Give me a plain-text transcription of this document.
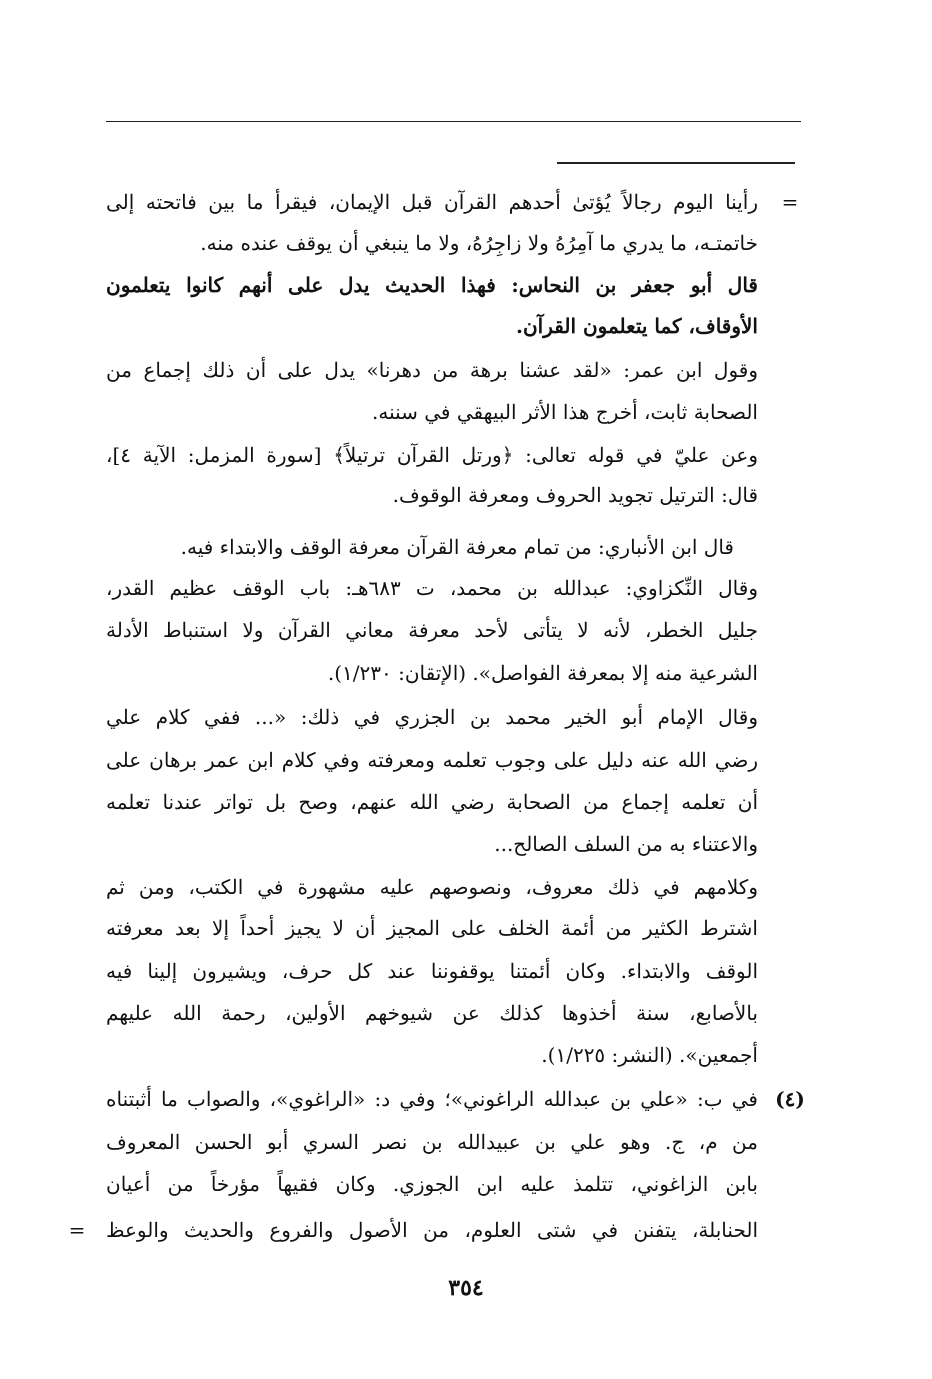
=
رأينا اليوم رجالاً يُؤتىٰ أحدهم القرآن قبل الإيمان، فيقرأ ما بين فاتحته إلى
خاتمتـه، ما يدري ما آمِرُهُ ولا زاجِرُهُ، ولا ما ينبغي أن يوقف عنده منه.
قال أبو جعفر بن النحاس: فهذا الحديث يدل على أنهم كانوا يتعلمون
الأوقاف، كما يتعلمون القرآن.
وقول ابن عمر: «لقد عشنا برهة من دهرنا» يدل على أن ذلك إجماع من
الصحابة ثابت، أخرج هذا الأثر البيهقي في سننه.
وعن عليّ في قوله تعالى: ﴿ورتل القرآن ترتيلاً﴾ [سورة المزمل: الآية ٤]،
قال: الترتيل تجويد الحروف ومعرفة الوقوف.
قال ابن الأنباري: من تمام معرفة القرآن معرفة الوقف والابتداء فيه.
وقال النِّكزاوي: عبدالله بن محمد، ت ٦٨٣هـ: باب الوقف عظيم القدر،
جليل الخطر، لأنه لا يتأتى لأحد معرفة معاني القرآن ولا استنباط الأدلة
الشرعية منه إلا بمعرفة الفواصل». (الإتقان: ١/٢٣٠).
وقال الإمام أبو الخير محمد بن الجزري في ذلك: «... ففي كلام علي
رضي الله عنه دليل على وجوب تعلمه ومعرفته وفي كلام ابن عمر برهان على
أن تعلمه إجماع من الصحابة رضي الله عنهم، وصح بل تواتر عندنا تعلمه
والاعتناء به من السلف الصالح...
وكلامهم في ذلك معروف، ونصوصهم عليه مشهورة في الكتب، ومن ثم
اشترط الكثير من أئمة الخلف على المجيز أن لا يجيز أحداً إلا بعد معرفته
الوقف والابتداء. وكان أئمتنا يوقفوننا عند كل حرف، ويشيرون إلينا فيه
بالأصابع، سنة أخذوها كذلك عن شيوخهم الأولين، رحمة الله عليهم
أجمعين». (النشر: ١/٢٢٥).
(٤)
في ب: «علي بن عبدالله الراغوني»؛ وفي د: «الراغوي»، والصواب ما أثبتناه
من م، ج. وهو علي بن عبيدالله بن نصر السري أبو الحسن المعروف
بابن الزاغوني، تتلمذ عليه ابن الجوزي. وكان فقيهاً مؤرخاً من أعيان
الحنابلة، يتفنن في شتى العلوم، من الأصول والفروع والحديث والوعظ
=
٣٥٤
